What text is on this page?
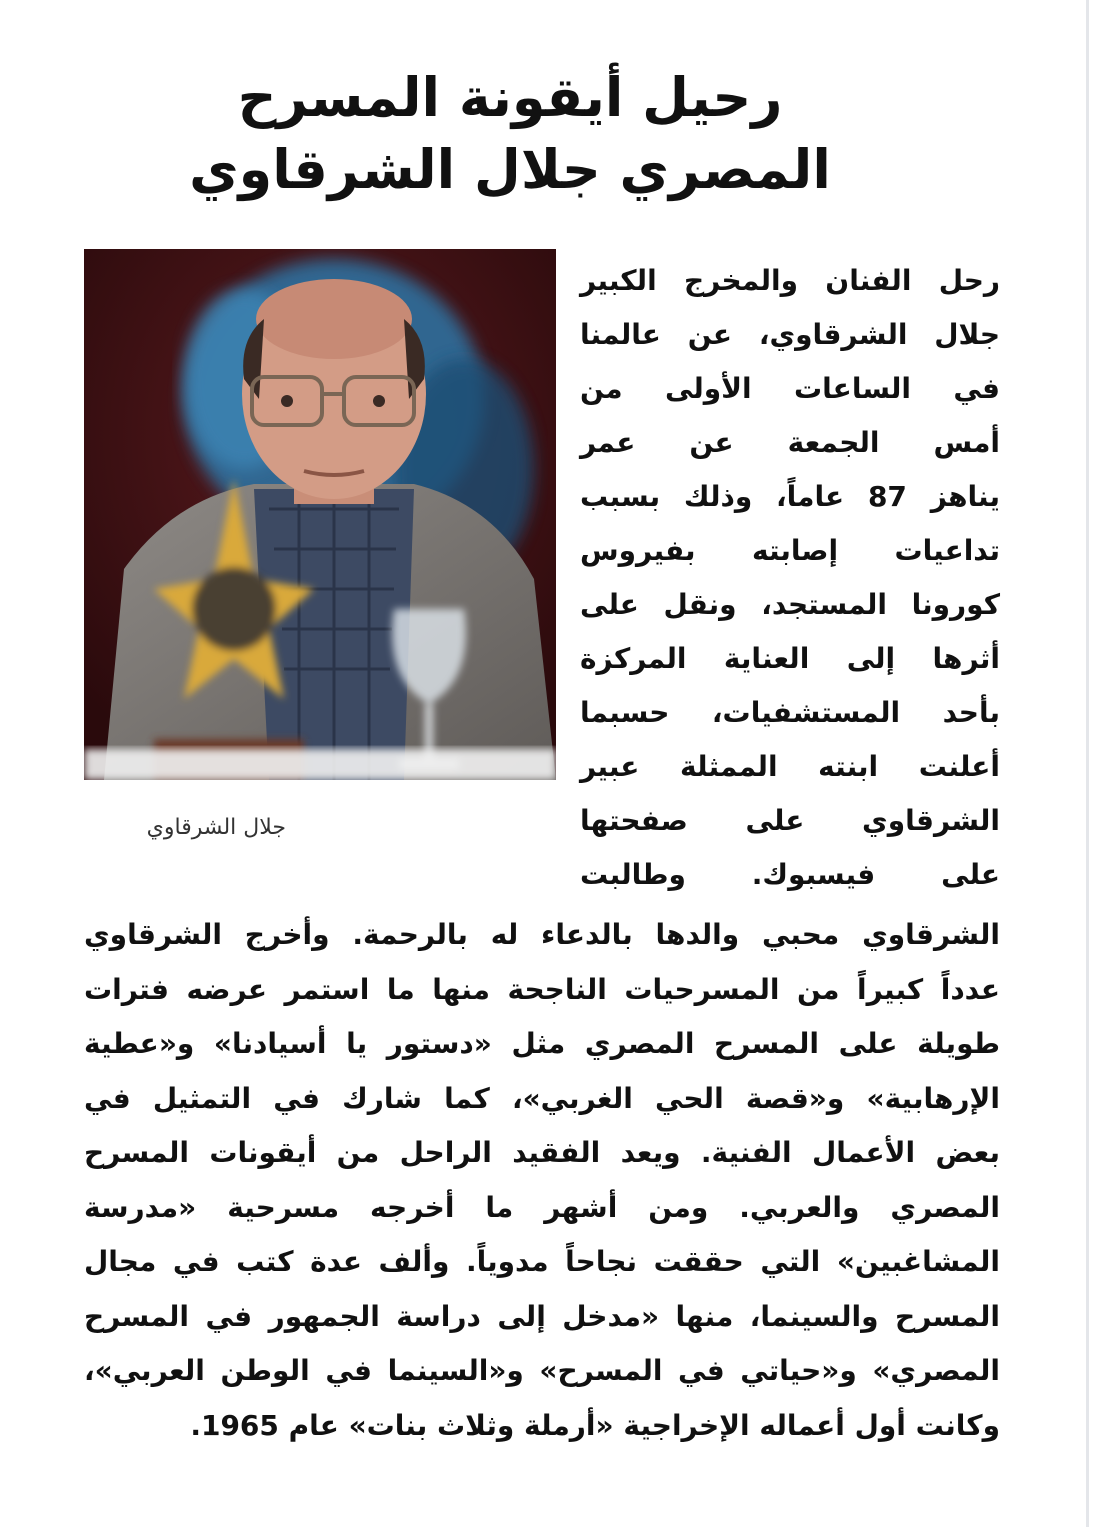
رحيل أيقونة المسرح
المصري جلال الشرقاوي
جلال الشرقاوي
رحل الفنان والمخرج الكبير
جلال الشرقاوي، عن عالمنا
في الساعات الأولى من
أمس الجمعة عن عمر
يناهز 87 عاماً، وذلك بسبب
تداعيات إصابته بفيروس
كورونا المستجد، ونقل على
أثرها إلى العناية المركزة
بأحد المستشفيات، حسبما
أعلنت ابنته الممثلة عبير
الشرقاوي على صفحتها
على فيسبوك. وطالبت
الشرقاوي محبي والدها بالدعاء له بالرحمة. وأخرج الشرقاوي
عدداً كبيراً من المسرحيات الناجحة منها ما استمر عرضه فترات
طويلة على المسرح المصري مثل «دستور يا أسيادنا» و«عطية
الإرهابية» و«قصة الحي الغربي»، كما شارك في التمثيل في
بعض الأعمال الفنية. ويعد الفقيد الراحل من أيقونات المسرح
المصري والعربي. ومن أشهر ما أخرجه مسرحية «مدرسة
المشاغبين» التي حققت نجاحاً مدوياً. وألف عدة كتب في مجال
المسرح والسينما، منها «مدخل إلى دراسة الجمهور في المسرح
المصري» و«حياتي في المسرح» و«السينما في الوطن العربي»،
وكانت أول أعماله الإخراجية «أرملة وثلاث بنات» عام 1965.
